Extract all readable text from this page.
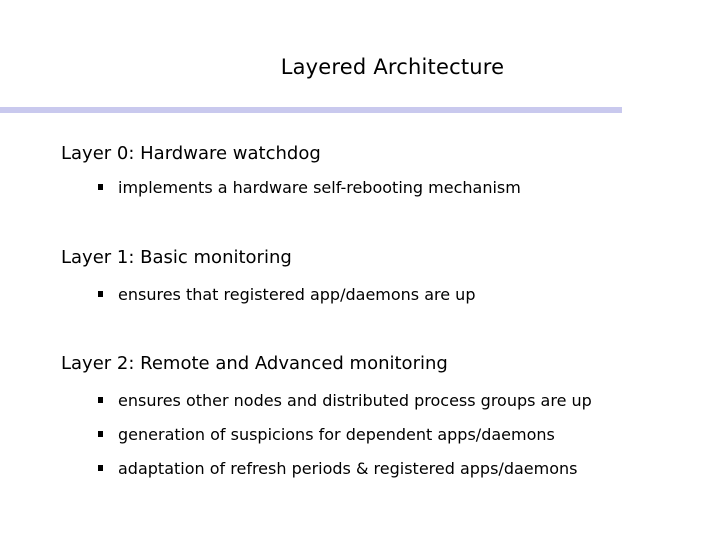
Layered Architecture
Layer 0: Hardware watchdog
implements a hardware self-rebooting mechanism
Layer 1: Basic monitoring
ensures that registered app/daemons are up
Layer 2: Remote and Advanced monitoring
ensures other nodes and distributed process groups are up
generation of suspicions for dependent apps/daemons
adaptation of refresh periods & registered apps/daemons
